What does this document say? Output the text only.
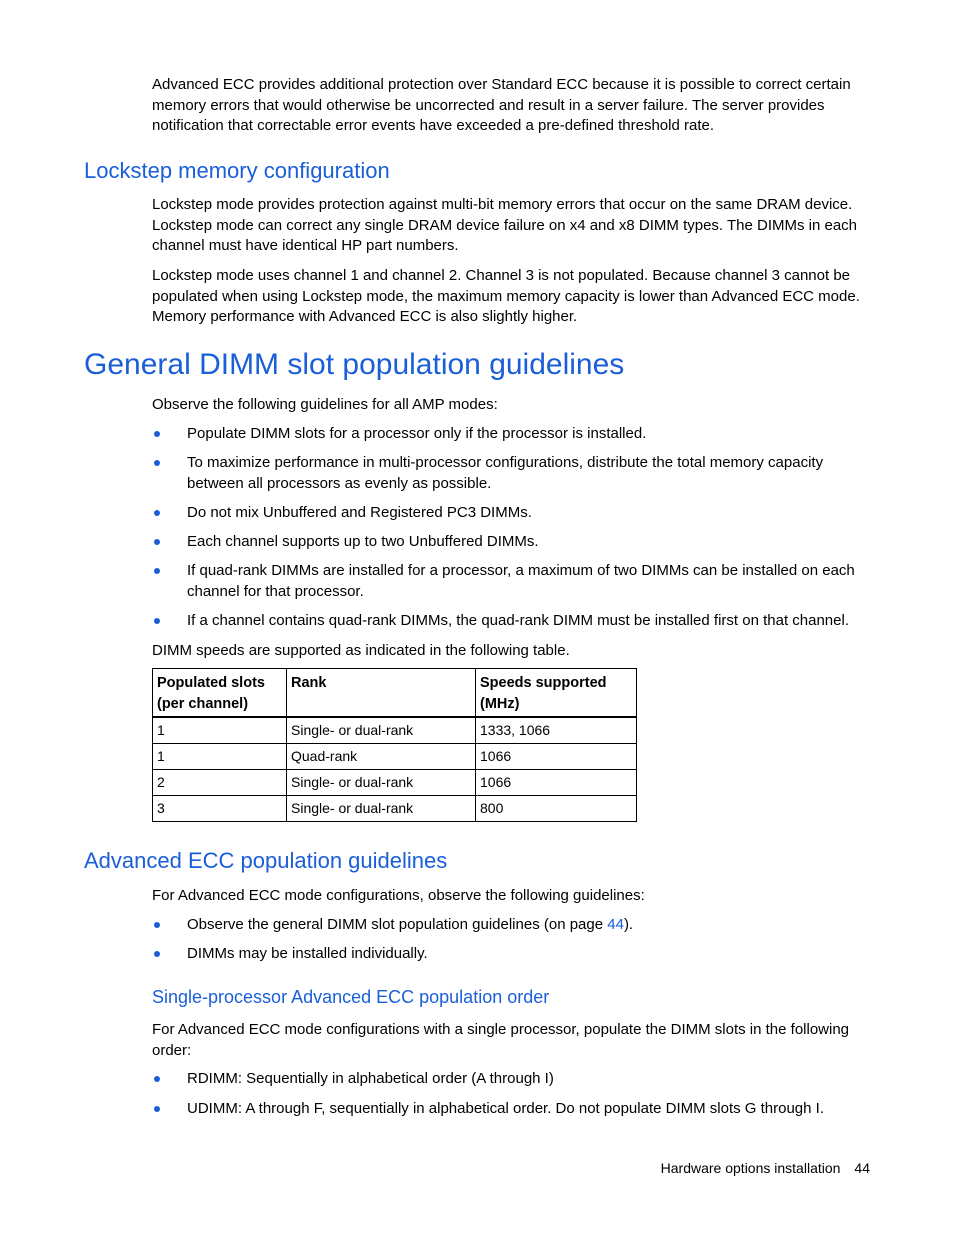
Advanced ECC provides additional protection over Standard ECC because it is possible to correct certain memory errors that would otherwise be uncorrected and result in a server failure. The server provides notification that correctable error events have exceeded a pre-defined threshold rate.

Lockstep memory configuration

Lockstep mode provides protection against multi-bit memory errors that occur on the same DRAM device. Lockstep mode can correct any single DRAM device failure on x4 and x8 DIMM types. The DIMMs in each channel must have identical HP part numbers.

Lockstep mode uses channel 1 and channel 2. Channel 3 is not populated. Because channel 3 cannot be populated when using Lockstep mode, the maximum memory capacity is lower than Advanced ECC mode. Memory performance with Advanced ECC is also slightly higher.

General DIMM slot population guidelines

Observe the following guidelines for all AMP modes:

Populate DIMM slots for a processor only if the processor is installed.
To maximize performance in multi-processor configurations, distribute the total memory capacity between all processors as evenly as possible.
Do not mix Unbuffered and Registered PC3 DIMMs.
Each channel supports up to two Unbuffered DIMMs.
If quad-rank DIMMs are installed for a processor, a maximum of two DIMMs can be installed on each channel for that processor.
If a channel contains quad-rank DIMMs, the quad-rank DIMM must be installed first on that channel.

DIMM speeds are supported as indicated in the following table.

Populated slots (per channel)	Rank	Speeds supported (MHz)
1	Single- or dual-rank	1333, 1066
1	Quad-rank	1066
2	Single- or dual-rank	1066
3	Single- or dual-rank	800
Advanced ECC population guidelines

For Advanced ECC mode configurations, observe the following guidelines:

Observe the general DIMM slot population guidelines (on page 44).
DIMMs may be installed individually.
Single-processor Advanced ECC population order

For Advanced ECC mode configurations with a single processor, populate the DIMM slots in the following order:

RDIMM: Sequentially in alphabetical order (A through I)
UDIMM: A through F, sequentially in alphabetical order. Do not populate DIMM slots G through I.
Hardware options installation 44
